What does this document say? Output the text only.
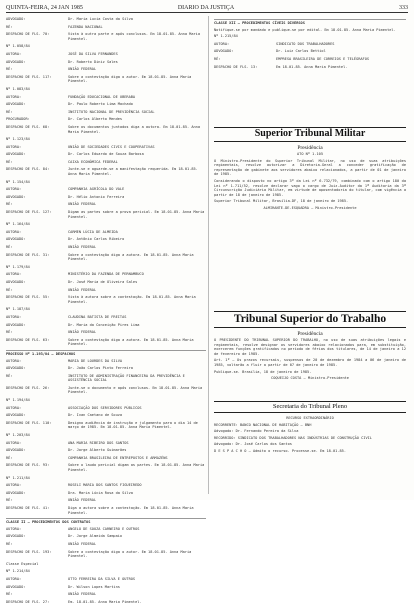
QUINTA-FEIRA, 24 JAN 1985	DIARIO DA JUSTIÇA	333
ADVOGADO:	Dr. Maria Lucia Costa da Silva
RÉ:	FAZENDA NACIONAL
DESPACHO DE FLS. 70:	Vista à outra parte e após conclusos. Em 18.01.85. Anna Maria Pimentel.
Nº 1.058/84
AUTORA:	JOSÉ DA SILVA FERNANDES
ADVOGADO:	Dr. Roberto Diniz Sales
RÉ:	UNIÃO FEDERAL
DESPACHO DE FLS. 117:	Sobre a contestação diga o autor. Em 18.01.85. Anna Maria Pimentel.
Nº 1.083/84
AUTORA:	FUNDAÇÃO EDUCACIONAL DE UBERABA
ADVOGADO:	Dr. Paulo Roberto Lima Machado
RÉ:	INSTITUTO NACIONAL DE PREVIDÊNCIA SOCIAL
PROCURADOR:	Dr. Carlos Alberto Mendes
DESPACHO DE FLS. 68:	Sobre os documentos juntados diga a autora. Em 18.01.85. Anna Maria Pimentel.
Nº 1.123/84
AUTORA:	UNIÃO DE SOCIEDADES CIVIS E COOPERATIVAS
ADVOGADO:	Dr. Carlos Eduardo de Souza Barbosa
RÉ:	CAIXA ECONÔMICA FEDERAL
DESPACHO DE FLS. 84:	Junte-se e aguarde-se a manifestação requerida. Em 18.01.85. Anna Maria Pimentel.
Nº 1.154/84
AUTORA:	COMPANHIA AGRÍCOLA DO VALE
ADVOGADO:	Dr. Hélio Antonio Ferreira
RÉ:	UNIÃO FEDERAL
DESPACHO DE FLS. 127:	Digam as partes sobre a prova pericial. Em 18.01.85. Anna Maria Pimentel.
Nº 1.164/84
AUTORA:	CARMEN LÚCIA DE ALMEIDA
ADVOGADO:	Dr. Antônio Carlos Ribeiro
RÉ:	UNIÃO FEDERAL
DESPACHO DE FLS. 31:	Sobre a contestação diga a autora. Em 18.01.85. Anna Maria Pimentel.
Nº 1.179/84
AUTORA:	MINISTÉRIO DA FAZENDA DE PERNAMBUCO
ADVOGADO:	Dr. José Maria de Oliveira Sales
RÉ:	UNIÃO FEDERAL
DESPACHO DE FLS. 55:	Vista à autora sobre a contestação. Em 18.01.85. Anna Maria Pimentel.
Nº 1.187/84
AUTORA:	CLAUDINA BATISTA DE FREITAS
ADVOGADO:	Dr. Maria da Conceição Pires Lima
RÉ:	UNIÃO FEDERAL
DESPACHO DE FLS. 63:	Sobre a contestação diga a autora. Em 18.01.85. Anna Maria Pimentel.
PROCESSO Nº 1.193/84 — DESPACHOS
AUTORA:	MARIA DE LOURDES DA SILVA
ADVOGADO:	Dr. João Carlos Pinto Ferreira
RÉ:	INSTITUTO DE ADMINISTRAÇÃO FINANCEIRA DA PREVIDÊNCIA E ASSISTÊNCIA SOCIAL
DESPACHO DE FLS. 26:	Junte-se o documento e após conclusos. Em 18.01.85. Anna Maria Pimentel.
Nº 1.194/84
AUTORA:	ASSOCIAÇÃO DOS SERVIDORES PÚBLICOS
ADVOGADO:	Dr. Ivan Caetano de Souza
DESPACHO DE FLS. 110:	Designo audiência de instrução e julgamento para o dia 14 de março de 1985. Em 18.01.85. Anna Maria Pimentel.
Nº 1.203/84
AUTORA:	ANA MARIA RIBEIRO DOS SANTOS
ADVOGADO:	Dr. Jorge Alberto Guimarães
RÉ:	COMPANHIA BRASILEIRA DE ENTREPOSTOS E ARMAZÉNS
DESPACHO DE FLS. 93:	Sobre o laudo pericial digam as partes. Em 18.01.85. Anna Maria Pimentel.
Nº 1.211/84
AUTORA:	ROSELI MARIA DOS SANTOS FIGUEIREDO
ADVOGADO:	Dra. Maria Lúcia Rosa da Silva
RÉ:	UNIÃO FEDERAL
DESPACHO DE FLS. 41:	Diga a autora sobre a contestação. Em 18.01.85. Anna Maria Pimentel.
CLASSE II — PROCEDIMENTOS DOS CONTRATOS
AUTORA:	ANGELO DE SOUZA CARNEIRO E OUTROS
ADVOGADO:	Dr. Jorge Almeida Sampaio
RÉ:	UNIÃO FEDERAL
DESPACHO DE FLS. 193:	Sobre a contestação diga o autor. Em 18.01.85. Anna Maria Pimentel.
Classe Especial
Nº 1.214/84
AUTORA:	OTTO FERREIRA DA SILVA E OUTROS
ADVOGADO:	Dr. Wilson Lopes Martins
RÉ:	UNIÃO FEDERAL
DESPACHO DE FLS. 27:	Em. 18.01.85. Anna Maria Pimentel.
CLASSE XII — PROCEDIMENTOS CÍVEIS DIVERSOS
Notifique-se por mandado e publique-se por edital. Em 18.01.85. Anna Maria Pimentel.
Nº 1.215/84
AUTORA:	SINDICATO DOS TRABALHADORES
ADVOGADO:	Dr. Luiz Carlos Bettiol
RÉ:	EMPRESA BRASILEIRA DE CORREIOS E TELÉGRAFOS
DESPACHO DE FLS. 13:	Em 18.01.85. Anna Maria Pimentel.
Superior Tribunal Militar
Presidência
ATO Nº 1.105
O Ministro-Presidente do Superior Tribunal Militar, no uso de suas atribuições regimentais, resolve autorizar a Diretoria-Geral a conceder gratificação de representação de gabinete aos servidores abaixo relacionados, a partir de 01 de janeiro de 1985.
Considerando o disposto no artigo 3º da Lei nº 6.732/79, combinado com o artigo 180 da Lei nº 1.711/52, resolve declarar vago o cargo de Juiz-Auditor da 1ª Auditoria da 3ª Circunscrição Judiciária Militar, em virtude de aposentadoria do titular, com vigência a partir de 18 de janeiro de 1985.
Superior Tribunal Militar, Brasília-DF, 18 de janeiro de 1985.
ALMIRANTE-DE-ESQUADRA — Ministro-Presidente
Tribunal Superior do Trabalho
Presidência
O PRESIDENTE DO TRIBUNAL SUPERIOR DO TRABALHO, no uso de suas atribuições legais e regimentais, resolve designar os servidores abaixo relacionados para, em substituição, exercerem funções gratificadas no período de férias dos titulares, de 14 de janeiro a 12 de fevereiro de 1985.
Art. 1º — Os prazos recursais, suspensos de 20 de dezembro de 1984 a 06 de janeiro de 1985, voltarão a fluir a partir de 07 de janeiro de 1985.
Publique-se. Brasília, 18 de janeiro de 1985.
COQUEIJO COSTA — Ministro-Presidente
Secretaria do Tribunal Pleno
RECURSO EXTRAORDINÁRIO
RECORRENTE: BANCO NACIONAL DE HABITAÇÃO — BNH
Advogado: Dr. Fernando Pereira da Silva
RECORRIDO: SINDICATO DOS TRABALHADORES NAS INDÚSTRIAS DE CONSTRUÇÃO CIVIL
Advogado: Dr. José Carlos dos Santos
D E S P A C H O — Admito o recurso. Processe-se. Em 18.01.85.
